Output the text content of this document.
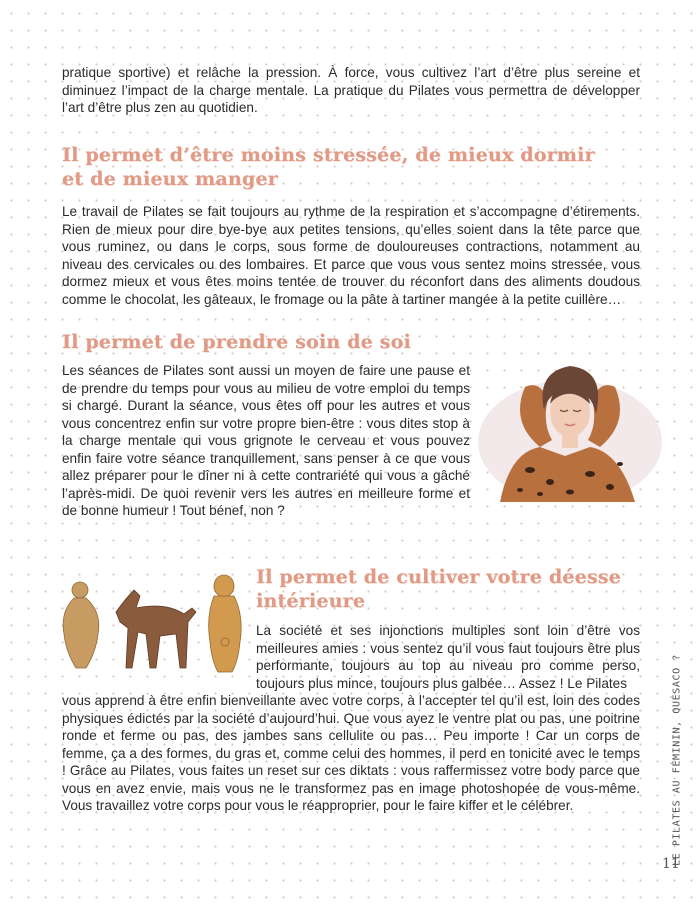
pratique sportive) et relâche la pression. À force, vous cultivez l’art d’être plus sereine et diminuez l’impact de la charge mentale. La pratique du Pilates vous permettra de développer l’art d’être plus zen au quotidien.

Il permet d’être moins stressée, de mieux dormir et de mieux manger

Le travail de Pilates se fait toujours au rythme de la respiration et s’accompagne d’étirements. Rien de mieux pour dire bye-bye aux petites tensions, qu’elles soient dans la tête parce que vous ruminez, ou dans le corps, sous forme de douloureuses contractions, notamment au niveau des cervicales ou des lombaires. Et parce que vous vous sentez moins stressée, vous dormez mieux et vous êtes moins tentée de trouver du réconfort dans des aliments doudous comme le chocolat, les gâteaux, le fromage ou la pâte à tartiner mangée à la petite cuillère…

Il permet de prendre soin de soi

Les séances de Pilates sont aussi un moyen de faire une pause et de prendre du temps pour vous au milieu de votre emploi du temps si chargé. Durant la séance, vous êtes off pour les autres et vous vous concentrez enfin sur votre propre bien-être : vous dites stop à la charge mentale qui vous grignote le cerveau et vous pouvez enfin faire votre séance tranquillement, sans penser à ce que vous allez préparer pour le dîner ni à cette contrariété qui vous a gâché l’après-midi. De quoi revenir vers les autres en meilleure forme et de bonne humeur ! Tout bénef, non ?

Il permet de cultiver votre déesse intérieure

La société et ses injonctions multiples sont loin d’être vos meilleures amies : vous sentez qu’il vous faut toujours être plus performante, toujours au top au niveau pro comme perso, toujours plus mince, toujours plus galbée… Assez ! Le Pilates

vous apprend à être enfin bienveillante avec votre corps, à l’accepter tel qu’il est, loin des codes physiques édictés par la société d’aujourd’hui. Que vous ayez le ventre plat ou pas, une poitrine ronde et ferme ou pas, des jambes sans cellulite ou pas… Peu importe ! Car un corps de femme, ça a des formes, du gras et, comme celui des hommes, il perd en tonicité avec le temps ! Grâce au Pilates, vous faites un reset sur ces diktats : vous raffermissez votre body parce que vous en avez envie, mais vous ne le transformez pas en image photoshopée de vous-même. Vous travaillez votre corps pour vous le réapproprier, pour le faire kiffer et le célébrer.	LE PILATES AU FÉMININ, QUÉSACO ?
11
